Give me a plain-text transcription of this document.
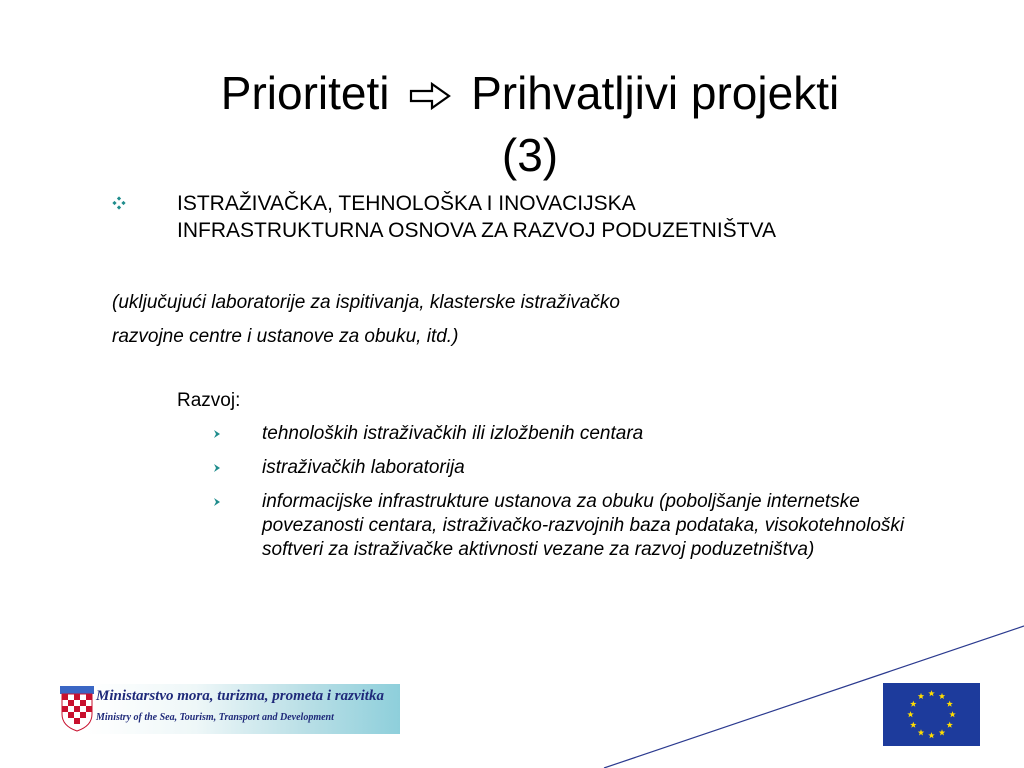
Prioriteti Prihvatljivi projekti
(3)
ISTRAŽIVAČKA, TEHNOLOŠKA I INOVACIJSKA INFRASTRUKTURNA OSNOVA ZA RAZVOJ PODUZETNIŠTVA
(uključujući laboratorije za ispitivanja, klasterske istraživačko
razvojne centre i ustanove za obuku, itd.)
Razvoj:
tehnoloških istraživačkih ili izložbenih centara
istraživačkih laboratorija
informacijske infrastrukture ustanova za obuku (poboljšanje internetske povezanosti centara, istraživačko-razvojnih baza podataka, visokotehnološki softveri za istraživačke aktivnosti vezane za razvoj poduzetništva)
Ministarstvo mora, turizma, prometa i razvitka
Ministry of the Sea, Tourism, Transport and Development
